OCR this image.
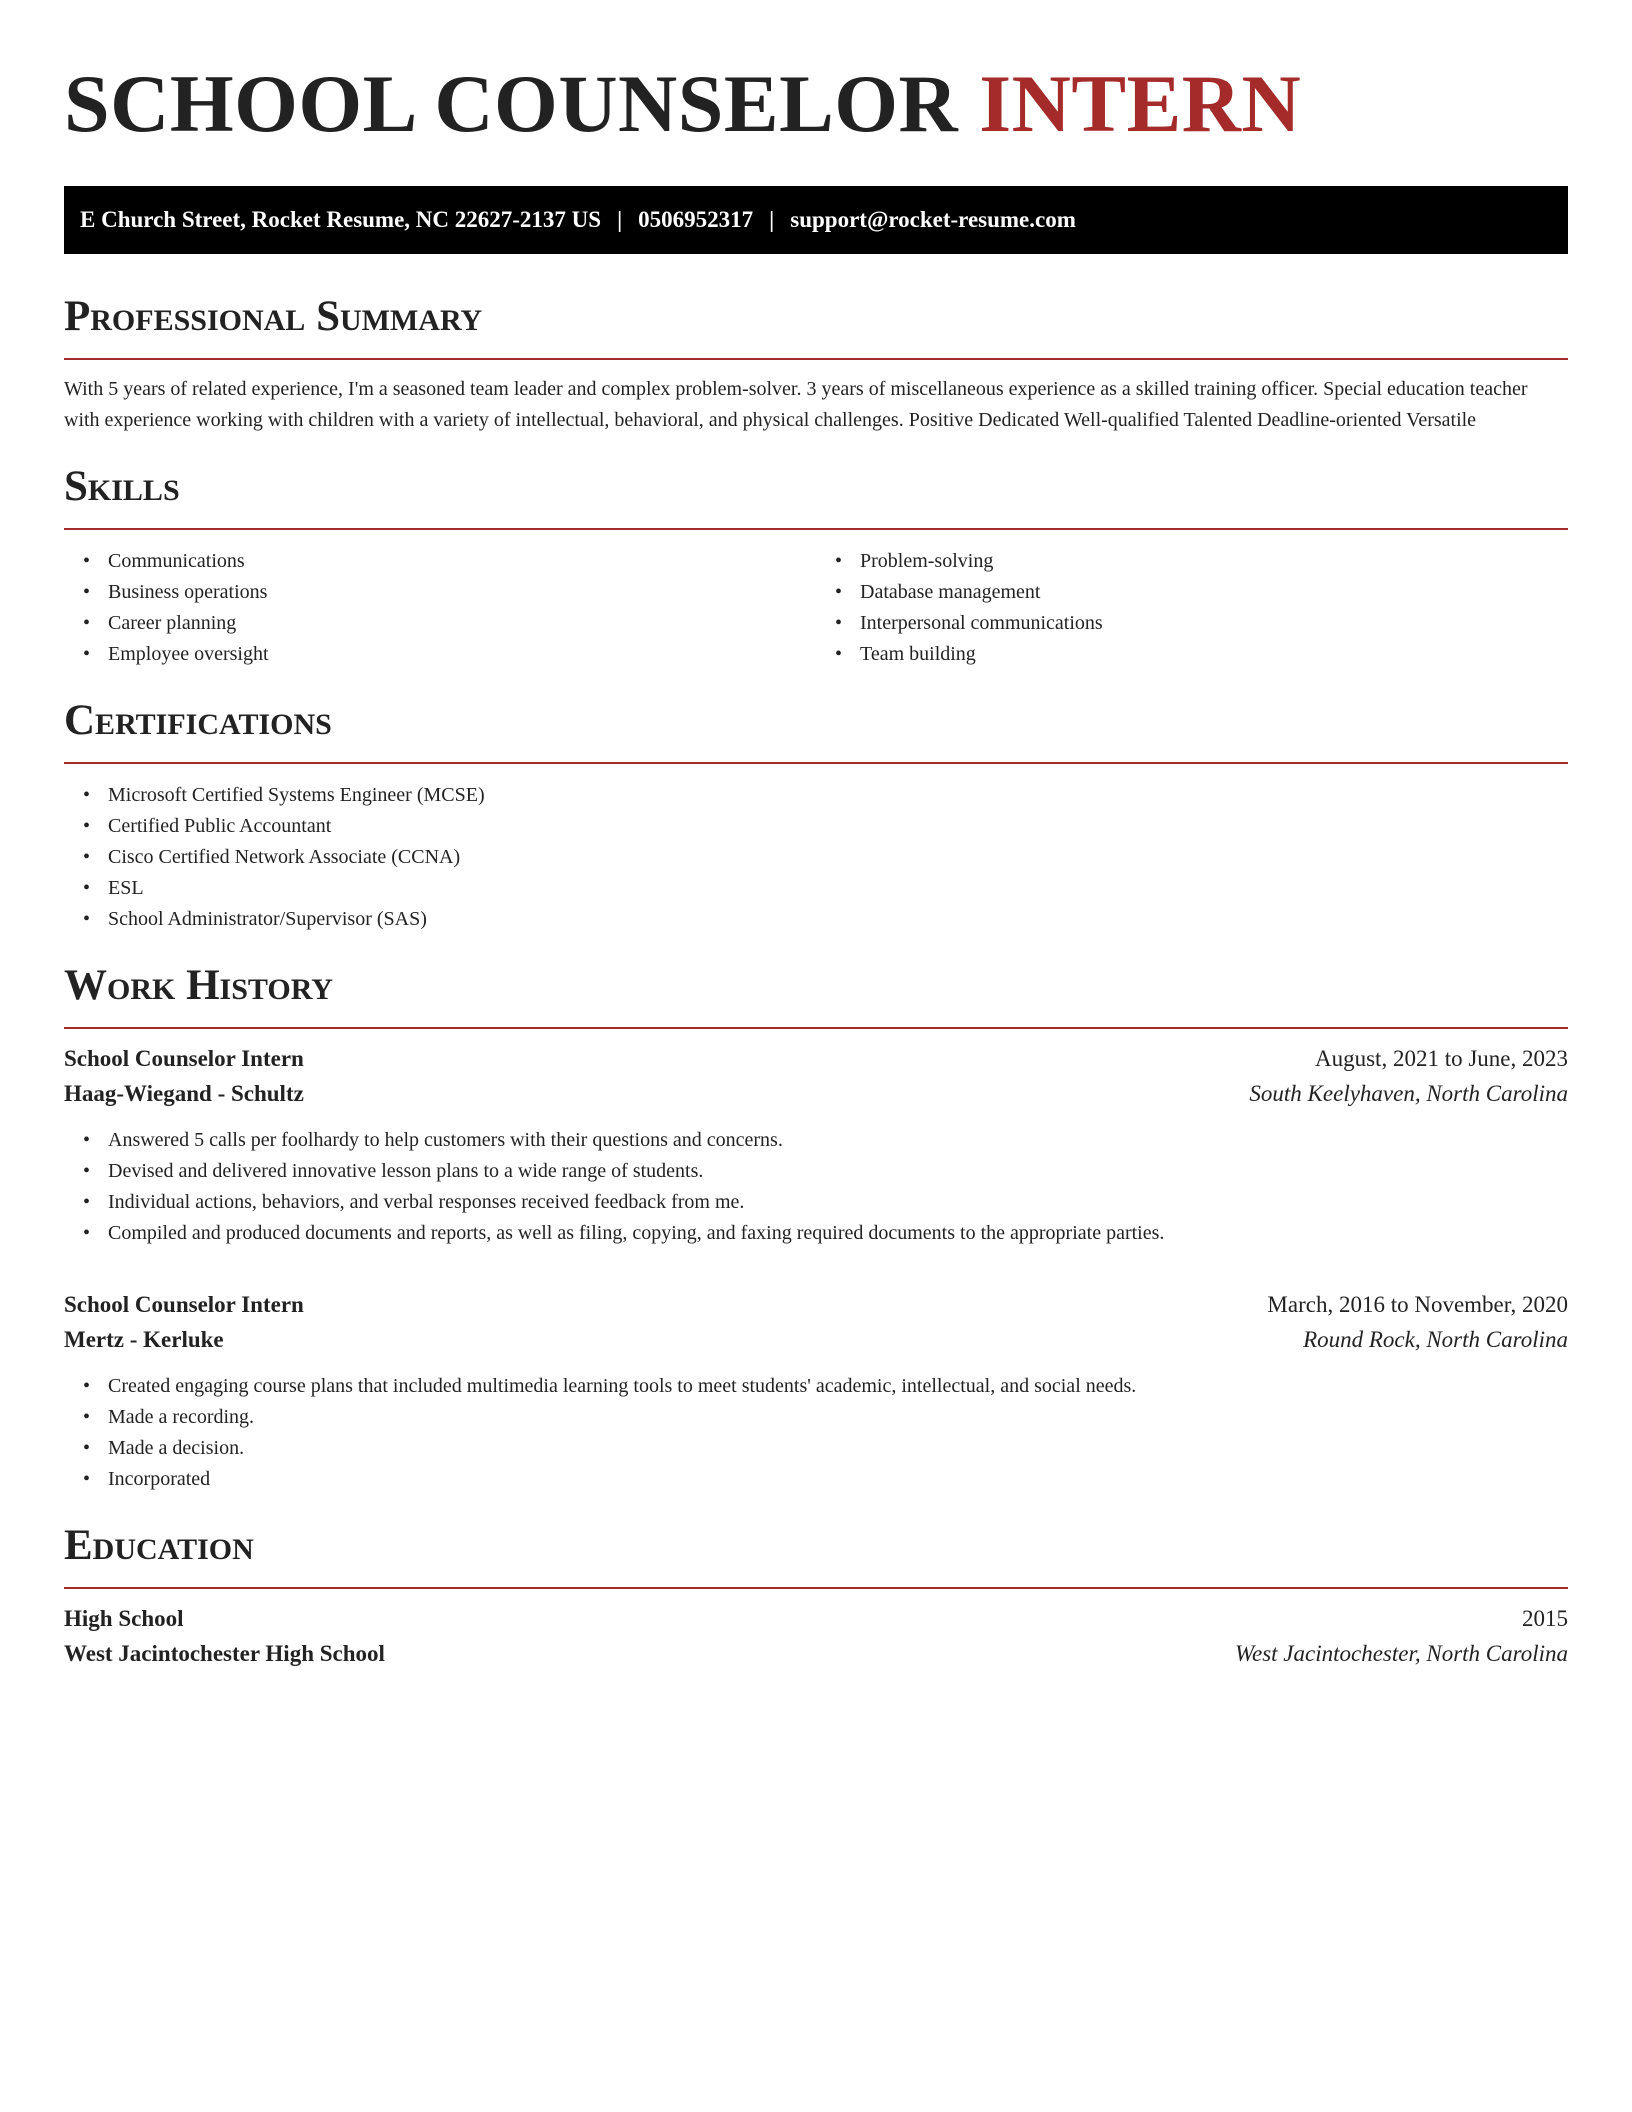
SCHOOL COUNSELOR INTERN
E Church Street, Rocket Resume, NC 22627-2137 US | 0506952317 | support@rocket-resume.com
Professional Summary

With 5 years of related experience, I'm a seasoned team leader and complex problem-solver. 3 years of miscellaneous experience as a skilled training officer. Special education teacher with experience working with children with a variety of intellectual, behavioral, and physical challenges. Positive Dedicated Well-qualified Talented Deadline-oriented Versatile

Skills
• Communications
• Business operations
• Career planning
• Employee oversight
• Problem-solving
• Database management
• Interpersonal communications
• Team building
Certifications
• Microsoft Certified Systems Engineer (MCSE)
• Certified Public Accountant
• Cisco Certified Network Associate (CCNA)
• ESL
• School Administrator/Supervisor (SAS)
Work History
School Counselor Intern	August, 2021 to June, 2023
Haag-Wiegand - Schultz	South Keelyhaven, North Carolina
• Answered 5 calls per foolhardy to help customers with their questions and concerns.
• Devised and delivered innovative lesson plans to a wide range of students.
• Individual actions, behaviors, and verbal responses received feedback from me.
• Compiled and produced documents and reports, as well as filing, copying, and faxing required documents to the appropriate parties.
School Counselor Intern	March, 2016 to November, 2020
Mertz - Kerluke	Round Rock, North Carolina
• Created engaging course plans that included multimedia learning tools to meet students' academic, intellectual, and social needs.
• Made a recording.
• Made a decision.
• Incorporated
Education
High School	2015
West Jacintochester High School	West Jacintochester, North Carolina
